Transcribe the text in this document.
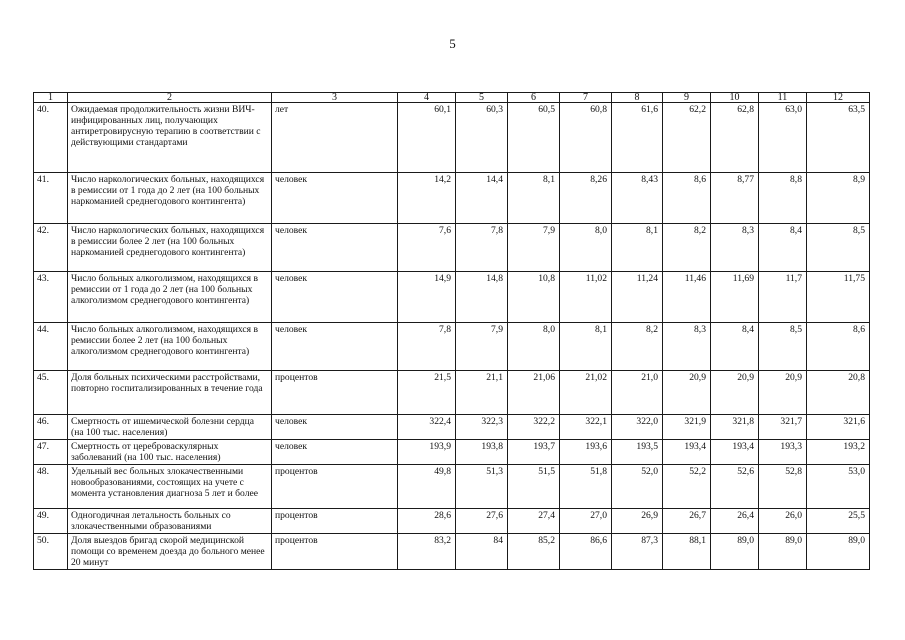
5
1	2	3	4	5	6	7	8	9	10	11	12
40.	Ожидаемая продолжительность жизни ВИЧ-инфицированных лиц, получающих антиретровирусную терапию в соответствии с действующими стандартами	лет	60,1	60,3	60,5	60,8	61,6	62,2	62,8	63,0	63,5
41.	Число наркологических больных, находящихся в ремиссии от 1 года до 2 лет (на 100 больных наркоманией среднегодового контингента)	человек	14,2	14,4	8,1	8,26	8,43	8,6	8,77	8,8	8,9
42.	Число наркологических больных, находящихся в ремиссии более 2 лет (на 100 больных наркоманией среднегодового контингента)	человек	7,6	7,8	7,9	8,0	8,1	8,2	8,3	8,4	8,5
43.	Число больных алкоголизмом, находящихся в ремиссии от 1 года до 2 лет (на 100 больных алкоголизмом среднегодового контингента)	человек	14,9	14,8	10,8	11,02	11,24	11,46	11,69	11,7	11,75
44.	Число больных алкоголизмом, находящихся в ремиссии более 2 лет (на 100 больных алкоголизмом среднегодового контингента)	человек	7,8	7,9	8,0	8,1	8,2	8,3	8,4	8,5	8,6
45.	Доля больных психическими расстройствами, повторно госпитализированных в течение года	процентов	21,5	21,1	21,06	21,02	21,0	20,9	20,9	20,9	20,8
46.	Смертность от ишемической болезни сердца (на 100 тыс. населения)	человек	322,4	322,3	322,2	322,1	322,0	321,9	321,8	321,7	321,6
47.	Смертность от цереброваскулярных заболеваний (на 100 тыс. населения)	человек	193,9	193,8	193,7	193,6	193,5	193,4	193,4	193,3	193,2
48.	Удельный вес больных злокачественными новообразованиями, состоящих на учете с момента установления диагноза 5 лет и более	процентов	49,8	51,3	51,5	51,8	52,0	52,2	52,6	52,8	53,0
49.	Одногодичная летальность больных со злокачественными образованиями	процентов	28,6	27,6	27,4	27,0	26,9	26,7	26,4	26,0	25,5
50.	Доля выездов бригад скорой медицинской помощи со временем доезда до больного менее 20 минут	процентов	83,2	84	85,2	86,6	87,3	88,1	89,0	89,0	89,0
